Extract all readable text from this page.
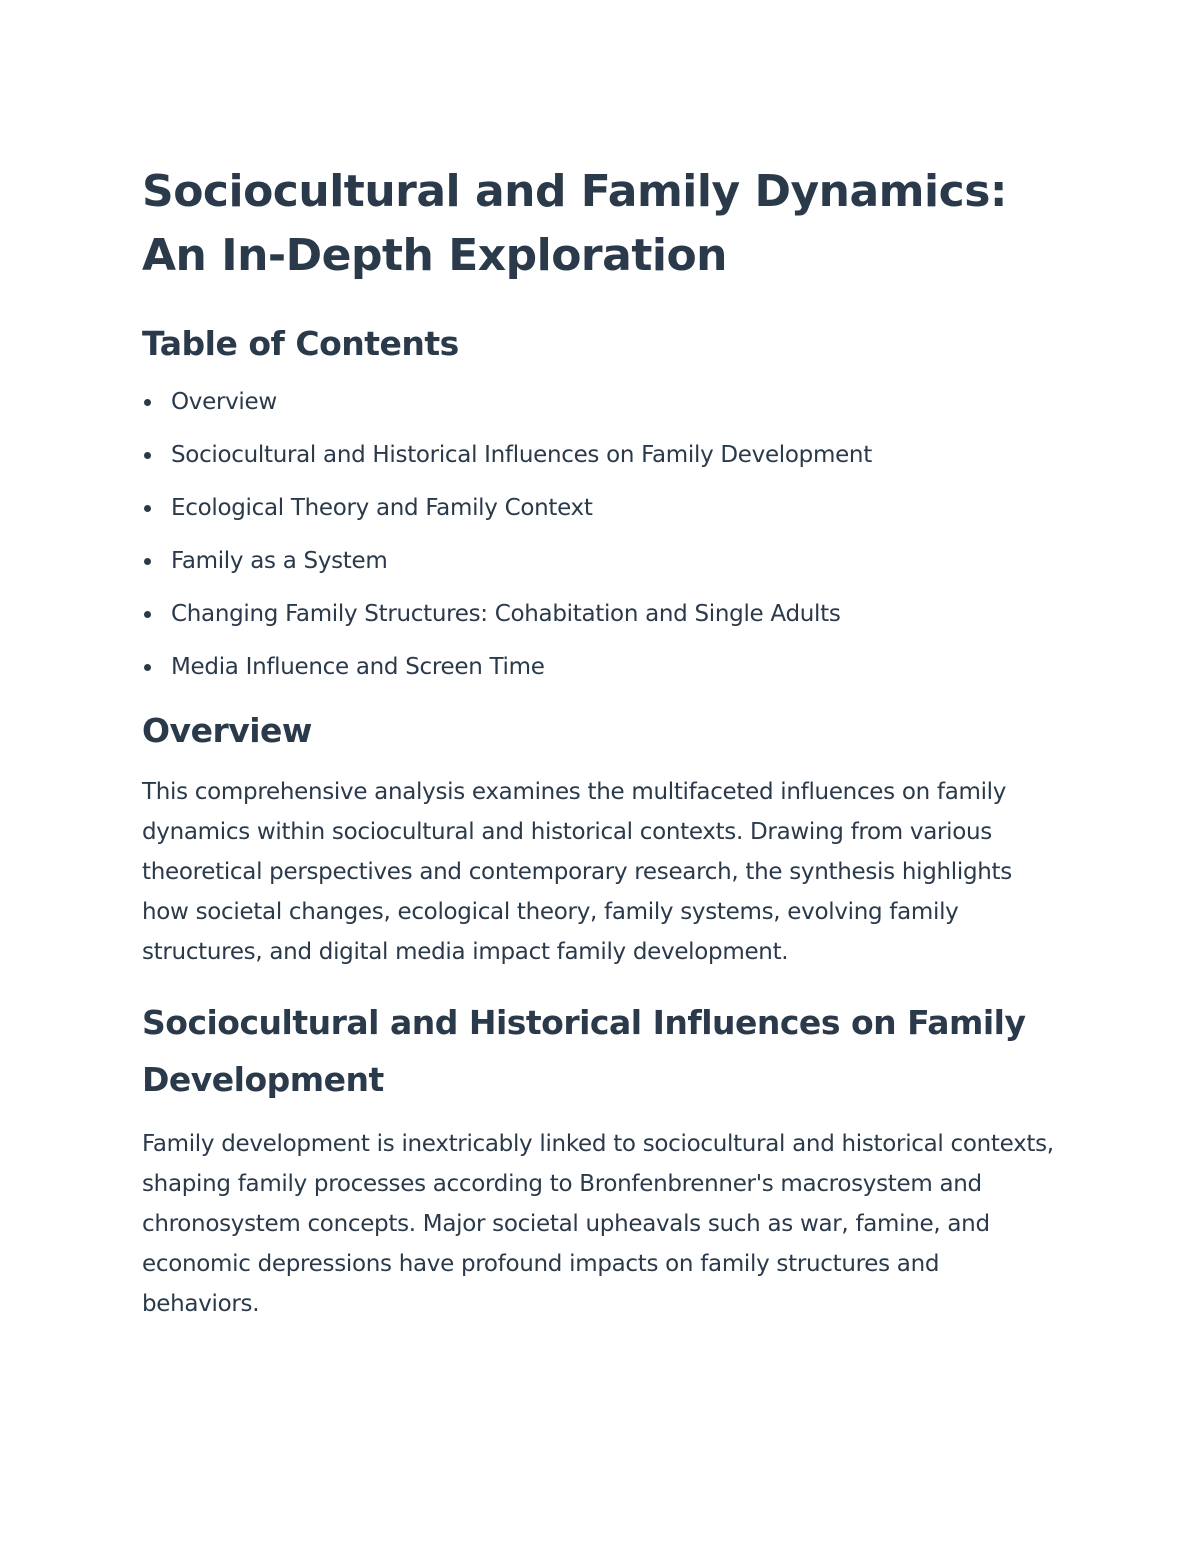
Sociocultural and Family Dynamics: An In-Depth Exploration
Table of Contents
Overview
Sociocultural and Historical Influences on Family Development
Ecological Theory and Family Context
Family as a System
Changing Family Structures: Cohabitation and Single Adults
Media Influence and Screen Time
Overview

This comprehensive analysis examines the multifaceted influences on family dynamics within sociocultural and historical contexts. Drawing from various theoretical perspectives and contemporary research, the synthesis highlights how societal changes, ecological theory, family systems, evolving family structures, and digital media impact family development.

Sociocultural and Historical Influences on Family Development

Family development is inextricably linked to sociocultural and historical contexts, shaping family processes according to Bronfenbrenner's macrosystem and chronosystem concepts. Major societal upheavals such as war, famine, and economic depressions have profound impacts on family structures and behaviors.
